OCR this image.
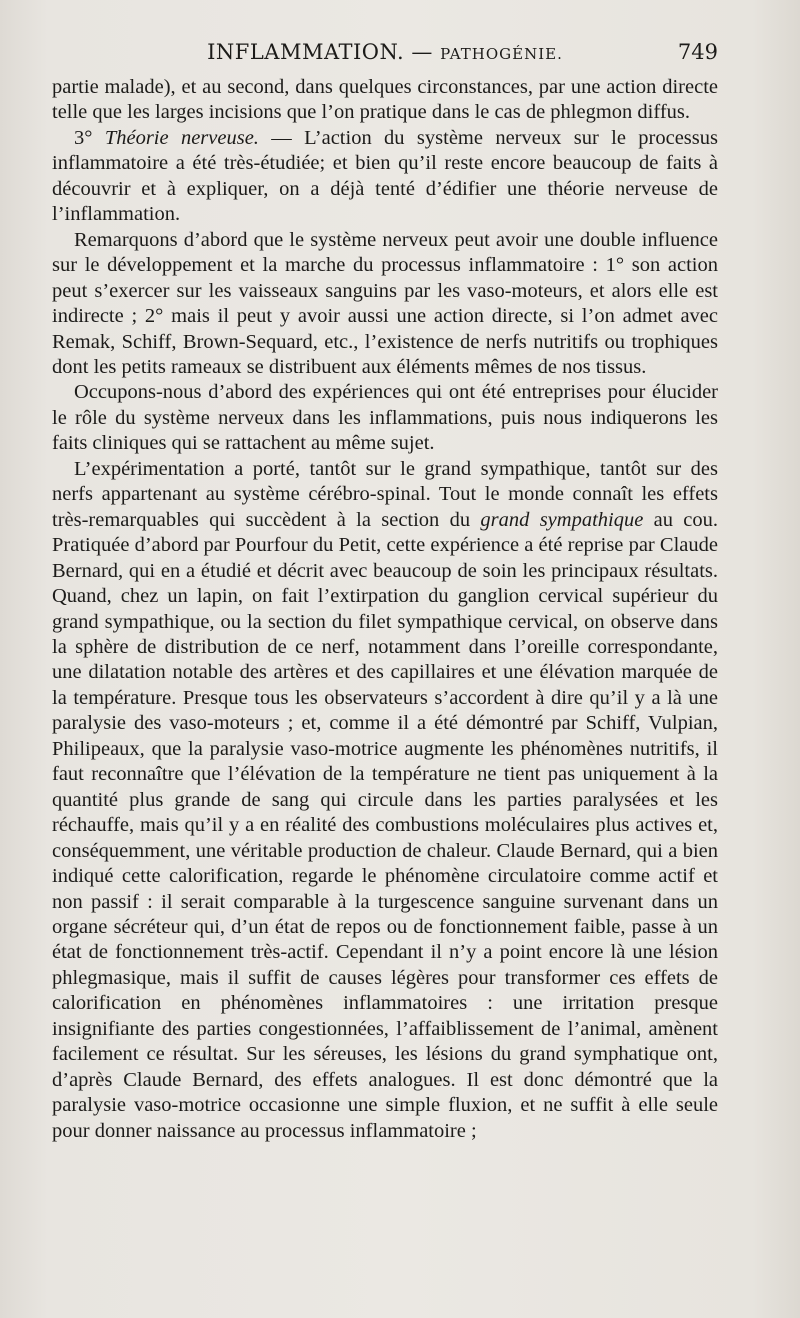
INFLAMMATION. — PATHOGÉNIE.	749

partie malade), et au second, dans quelques circonstances, par une action directe telle que les larges incisions que l’on pratique dans le cas de phlegmon diffus.

3° Théorie nerveuse. — L’action du système nerveux sur le processus inflammatoire a été très-étudiée; et bien qu’il reste encore beaucoup de faits à découvrir et à expliquer, on a déjà tenté d’édifier une théorie nerveuse de l’inflammation.

Remarquons d’abord que le système nerveux peut avoir une double influence sur le développement et la marche du processus inflammatoire : 1° son action peut s’exercer sur les vaisseaux sanguins par les vaso-moteurs, et alors elle est indirecte ; 2° mais il peut y avoir aussi une action directe, si l’on admet avec Remak, Schiff, Brown-Sequard, etc., l’existence de nerfs nutritifs ou trophiques dont les petits rameaux se distribuent aux éléments mêmes de nos tissus.

Occupons-nous d’abord des expériences qui ont été entreprises pour élucider le rôle du système nerveux dans les inflammations, puis nous indiquerons les faits cliniques qui se rattachent au même sujet.

L’expérimentation a porté, tantôt sur le grand sympathique, tantôt sur des nerfs appartenant au système cérébro-spinal. Tout le monde connaît les effets très-remarquables qui succèdent à la section du grand sympathique au cou. Pratiquée d’abord par Pourfour du Petit, cette expérience a été reprise par Claude Bernard, qui en a étudié et décrit avec beaucoup de soin les principaux résultats. Quand, chez un lapin, on fait l’extirpation du ganglion cervical supérieur du grand sympathique, ou la section du filet sympathique cervical, on observe dans la sphère de distribution de ce nerf, notamment dans l’oreille correspondante, une dilatation notable des artères et des capillaires et une élévation marquée de la température. Presque tous les observateurs s’accordent à dire qu’il y a là une paralysie des vaso-moteurs ; et, comme il a été démontré par Schiff, Vulpian, Philipeaux, que la paralysie vaso-motrice augmente les phénomènes nutritifs, il faut reconnaître que l’élévation de la température ne tient pas uniquement à la quantité plus grande de sang qui circule dans les parties paralysées et les réchauffe, mais qu’il y a en réalité des combustions moléculaires plus actives et, conséquemment, une véritable production de chaleur. Claude Bernard, qui a bien indiqué cette calorification, regarde le phénomène circulatoire comme actif et non passif : il serait comparable à la turgescence sanguine survenant dans un organe sécréteur qui, d’un état de repos ou de fonctionnement faible, passe à un état de fonctionnement très-actif. Cependant il n’y a point encore là une lésion phlegmasique, mais il suffit de causes légères pour transformer ces effets de calorification en phénomènes inflammatoires : une irritation presque insignifiante des parties congestionnées, l’affaiblissement de l’animal, amènent facilement ce résultat. Sur les séreuses, les lésions du grand symphatique ont, d’après Claude Bernard, des effets analogues. Il est donc démontré que la paralysie vaso-motrice occasionne une simple fluxion, et ne suffit à elle seule pour donner naissance au processus inflammatoire ;
